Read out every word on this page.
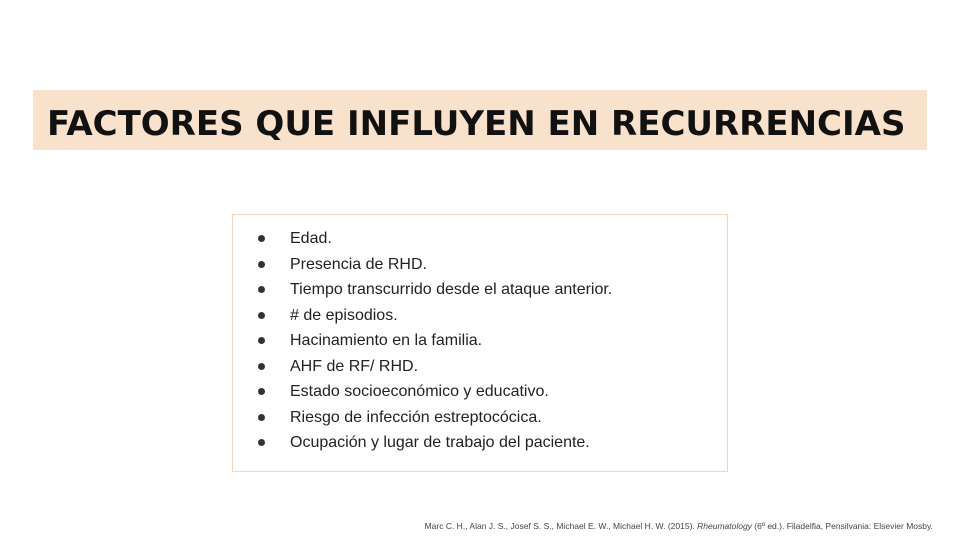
FACTORES QUE INFLUYEN EN RECURRENCIAS
Edad.
Presencia de RHD.
Tiempo transcurrido desde el ataque anterior.
# de episodios.
Hacinamiento en la familia.
AHF de RF/ RHD.
Estado socioeconómico y educativo.
Riesgo de infección estreptocócica.
Ocupación y lugar de trabajo del paciente.

Marc C. H., Alan J. S., Josef S. S., Michael E. W., Michael H. W. (2015). Rheumatology (6º ed.). Filadelfia, Pensilvania: Elsevier Mosby.
